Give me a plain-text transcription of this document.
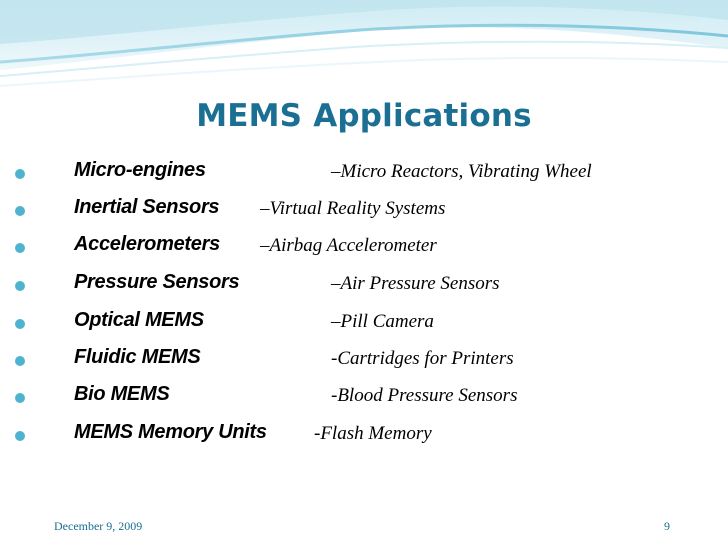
MEMS Applications
Micro-engines	–Micro Reactors, Vibrating Wheel
Inertial Sensors –Virtual Reality Systems
Accelerometers –Airbag Accelerometer
Pressure Sensors	–Air Pressure Sensors
Optical MEMS	–Pill Camera
Fluidic MEMS	-Cartridges for Printers
Bio MEMS	-Blood Pressure Sensors
MEMS Memory Units -Flash Memory
December 9, 2009	9
